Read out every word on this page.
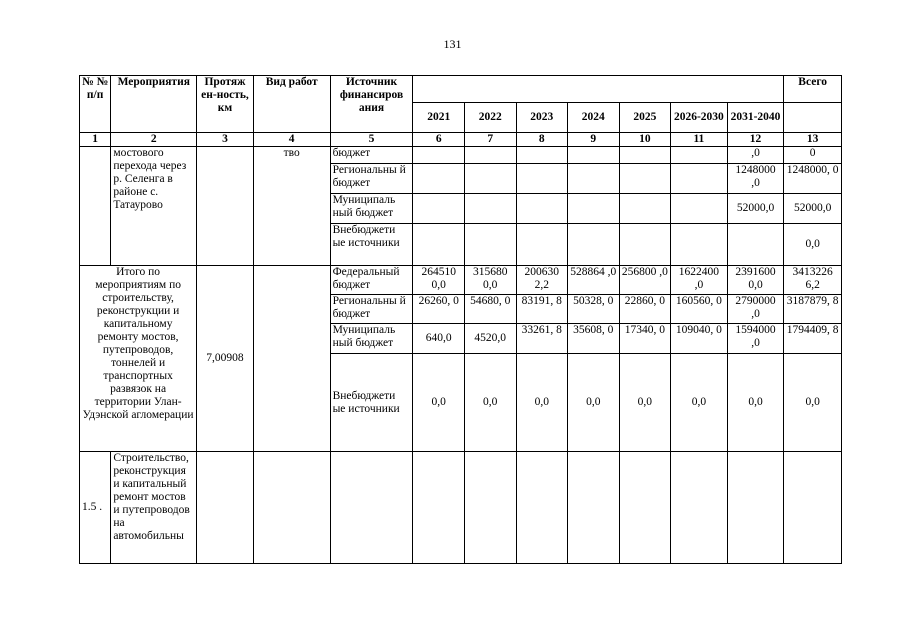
131
№ № п/п	Мероприятия	Протяж ен-ность, км	Вид работ	Источник финансиров ания								Всего
					2021	2022	2023	2024	2025	2026-2030	2031-2040	
1	2	3	4	5	6	7	8	9	10	11	12	13
	мостового перехода через р. Селенга в районе с. Татаурово		тво	бюджет							,0	0
				Региональны й бюджет							1248000 ,0	1248000, 0
				Муниципаль ный бюджет							52000,0	52000,0
				Внебюджети ые источники								0,0
Итого по мероприятиям по строительству, реконструкции и капитальному ремонту мостов, путепроводов, тоннелей и транспортных развязок на территории Улан-Удэнской агломерации		7,00908		Федеральный бюджет	264510 0,0	315680 0,0	200630 2,2	528864 ,0	256800 ,0	1622400 ,0	2391600 0,0	3413226 6,2
				Региональны й бюджет	26260, 0	54680, 0	83191, 8	50328, 0	22860, 0	160560, 0	2790000 ,0	3187879, 8
				Муниципаль ный бюджет	640,0	4520,0	33261, 8	35608, 0	17340, 0	109040, 0	1594000 ,0	1794409, 8
				Внебюджети ые источники	0,0	0,0	0,0	0,0	0,0	0,0	0,0	0,0
1.5 .	Строительство, реконструкция и капитальный ремонт мостов и путепроводов на автомобильны											
